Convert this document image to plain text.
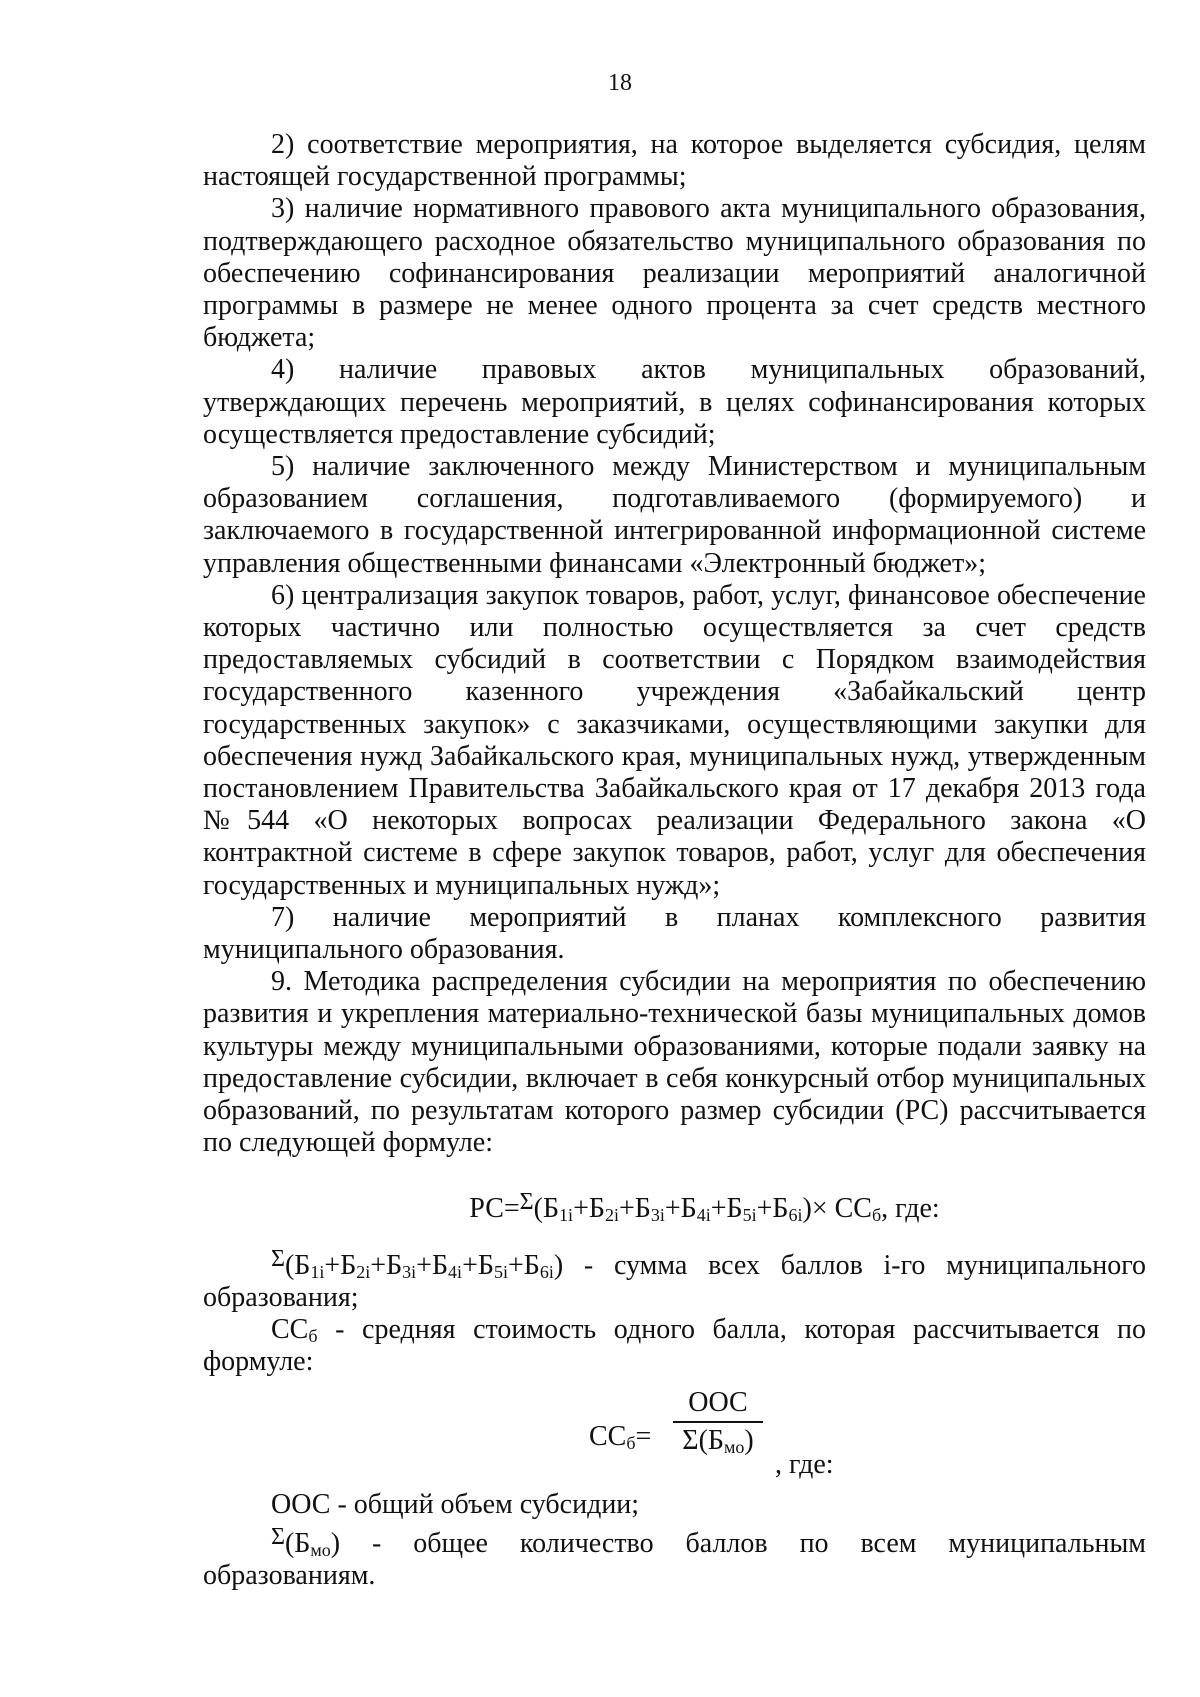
18

2) соответствие мероприятия, на которое выделяется субсидия, целям настоящей государственной программы;

3) наличие нормативного правового акта муниципального образования, подтверждающего расходное обязательство муниципального образования по обеспечению софинансирования реализации мероприятий аналогичной программы в размере не менее одного процента за счет средств местного бюджета;

4) наличие правовых актов муниципальных образований, утверждающих перечень мероприятий, в целях софинансирования которых осуществляется предоставление субсидий;

5) наличие заключенного между Министерством и муниципальным образованием соглашения, подготавливаемого (формируемого) и заключаемого в государственной интегрированной информационной системе управления общественными финансами «Электронный бюджет»;

6) централизация закупок товаров, работ, услуг, финансовое обеспечение которых частично или полностью осуществляется за счет средств предоставляемых субсидий в соответствии с Порядком взаимодействия государственного казенного учреждения «Забайкальский центр государственных закупок» с заказчиками, осуществляющими закупки для обеспечения нужд Забайкальского края, муниципальных нужд, утвержденным постановлением Правительства Забайкальского края от 17 декабря 2013 года №544 «О некоторых вопросах реализации Федерального закона «О контрактной системе в сфере закупок товаров, работ, услуг для обеспечения государственных и муниципальных нужд»;

7) наличие мероприятий в планах комплексного развития муниципального образования.

9. Методика распределения субсидии на мероприятия по обеспечению развития и укрепления материально-технической базы муниципальных домов культуры между муниципальными образованиями, которые подали заявку на предоставление субсидии, включает в себя конкурсный отбор муниципальных образований, по результатам которого размер субсидии (РС) рассчитывается по следующей формуле:

$РС=\Sigma(Б_{1i}+Б_{2i}+Б_{3i}+Б_{4i}+Б_{5i}+Б_{6i})\times СС_б$, где:

$\Sigma(Б_{1i}+Б_{2i}+Б_{3i}+Б_{4i}+Б_{5i}+Б_{6i})$ - сумма всех баллов i-го муниципального образования;

$СС_б$ - средняя стоимость одного балла, которая рассчитывается по формуле:

$СС_б=$
ООС
$\Sigma(Б_{мо})$
, где:

ООС - общий объем субсидии;

$\Sigma(Б_{мо})$ - общее количество баллов по всем муниципальным образованиям.
